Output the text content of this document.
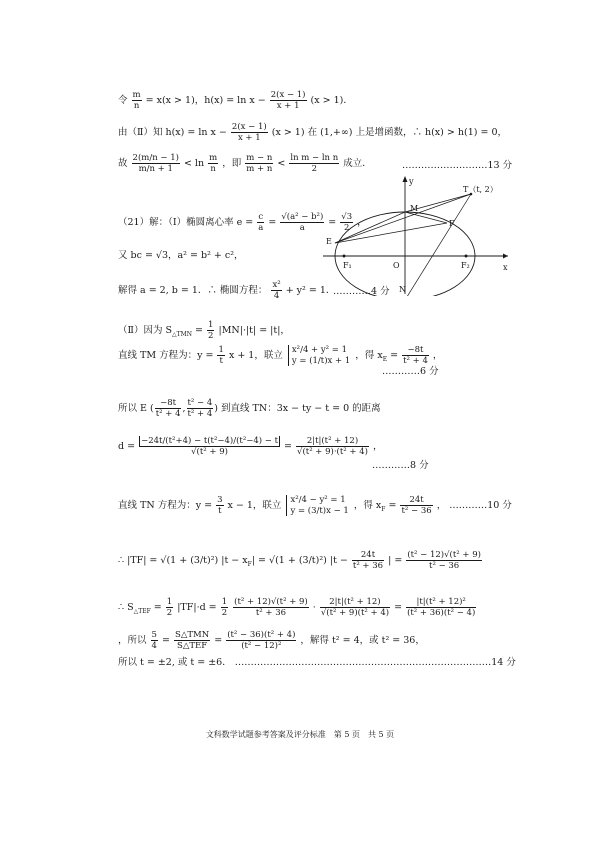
令 $\frac{m}{n} = x(x > 1)$，$h(x) = \ln x - \frac{2(x - 1)}{x + 1} (x > 1)$．
由（Ⅱ）知 $h(x) = \ln x - \frac{2(x - 1)}{x + 1} (x > 1)$ 在 (1,+∞) 上是增函数，∴ h(x) > h(1) = 0，
故 $\frac{2(m/n - 1)}{m/n + 1} < \ln \frac{m}{n}$ ，即 $\frac{m - n}{m + n} < \frac{\text{ln m − ln n}}{2}$ 成立．	………………………13 分
（21）解：（Ⅰ）椭圆离心率 $e = \frac{c}{a} = \frac{\text{√(a² − b²)}}{a} = \frac{√3}{2}$ ，
又 bc = √3，a² = b² + c²，
解得 a = 2, b = 1．∴ 椭圆方程： $\frac{\text{x²}}{4} + y^2 = 1$．
…………4 分
（Ⅱ）因为 $S_{\triangle TMN} = \frac{1}{2} |MN|\cdot|t| = |t|$，
直线 TM 方程为：$y = \frac{1}{t}$ x + 1，联立
x²/4 + y² = 1
y = (1/t)x + 1 ，得 $x_E = \frac{-8t}{\text{t² + 4}}$ ，
…………6 分
所以 E ( $\frac{-8t}{\text{t² + 4}}$ , $\frac{\text{t² − 4}}{\text{t² + 4}}$ ) 到直线 TN：3x − ty − t = 0 的距离
$d = \frac{\text{−24t/(t²+4) − t(t²−4)/(t²−4) − t}}{\text{√(t² + 9)}} = \frac{\text{2|t|(t² + 12)}}{\text{√(t² + 9)·(t² + 4)}}$ ，
…………8 分
直线 TN 方程为：$y = \frac{3}{t}$ x − 1，联立
x²/4 − y² = 1
y = (3/t)x − 1 ，得 $x_F = \frac{24t}{\text{t² − 36}}$ ， …………10 分
∴ |TF| = √(1 + (3/t)²) $|t - x_F| = √(1 + (3/t)^2) |t - \frac{24t}{\text{t² + 36}}$ | = $\frac{\text{(t² − 12)√(t² + 9)}}{\text{t² − 36}}$
∴ $S_{\triangle TEF} = \frac{1}{2} |TF|\cdot d = \frac{1}{2}$
$\frac{\text{(t² + 12)√(t² + 9)}}{\text{t² + 36}} \cdot \frac{\text{2|t|(t² + 12)}}{\text{√(t² + 9)(t² + 4)}} = \frac{\text{|t|(t² + 12)²}}{\text{(t² + 36)(t² − 4)}}$
，所以 $\frac{5}{4} = \frac{\text{S△TMN}}{\text{S△TEF}} = \frac{\text{(t² − 36)(t² + 4)}}{\text{(t² − 12)²}}$ ，解得 t² = 4，或 t² = 36，
所以 t = ±2, 或 t = ±6． ………………………………………………………………………14 分
x
y
T（t, 2）
M
E
F
F₁	F₂
O
N
文科数学试题参考答案及评分标准　第 5 页　共 5 页
